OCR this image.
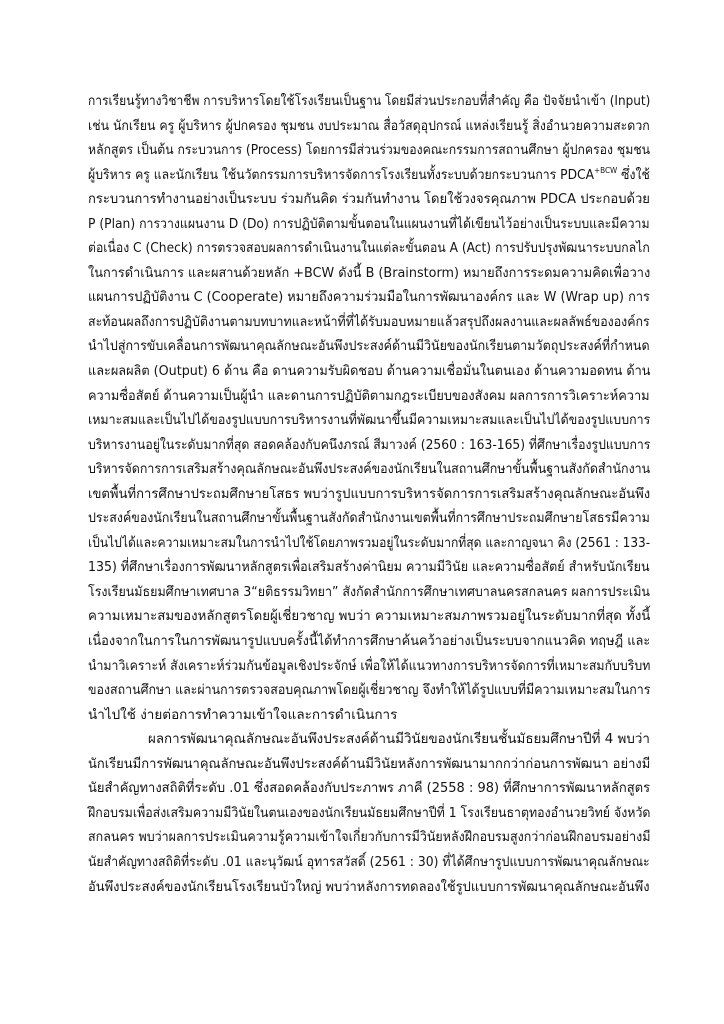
การเรียนรู้ทางวิชาชีพ การบริหารโดยใช้โรงเรียนเป็นฐาน โดยมีส่วนประกอบที่สำคัญ คือ ปัจจัยนำเข้า (Input)
เช่น นักเรียน ครู ผู้บริหาร ผู้ปกครอง ชุมชน งบประมาณ สื่อวัสดุอุปกรณ์ แหล่งเรียนรู้ สิ่งอำนวยความสะดวก
หลักสูตร เป็นต้น กระบวนการ (Process) โดยการมีส่วนร่วมของคณะกรรมการสถานศึกษา ผู้ปกครอง ชุมชน
ผู้บริหาร ครู และนักเรียน ใช้นวัตกรรมการบริหารจัดการโรงเรียนทั้งระบบด้วยกระบวนการ $PDCA^{+BCW}$ ซึ่งใช้
กระบวนการทำงานอย่างเป็นระบบ ร่วมกันคิด ร่วมกันทำงาน โดยใช้วงจรคุณภาพ PDCA ประกอบด้วย
P (Plan) การวางแผนงาน D (Do) การปฏิบัติตามขั้นตอนในแผนงานที่ได้เขียนไว้อย่างเป็นระบบและมีความ
ต่อเนื่อง C (Check) การตรวจสอบผลการดำเนินงานในแต่ละขั้นตอน A (Act) การปรับปรุงพัฒนาระบบกลไก
ในการดำเนินการ และผสานด้วยหลัก +BCW ดังนี้ B (Brainstorm) หมายถึงการระดมความคิดเพื่อวาง
แผนการปฏิบัติงาน C (Cooperate) หมายถึงความร่วมมือในการพัฒนาองค์กร และ W (Wrap up) การ
สะท้อนผลถึงการปฏิบัติงานตามบทบาทและหน้าที่ที่ได้รับมอบหมายแล้วสรุปถึงผลงานและผลลัพธ์ขององค์กร
นำไปสู่การขับเคลื่อนการพัฒนาคุณลักษณะอันพึงประสงค์ด้านมีวินัยของนักเรียนตามวัตถุประสงค์ที่กำหนด
และผลผลิต (Output) 6 ด้าน คือ ดานความรับผิดชอบ ด้านความเชื่อมั่นในตนเอง ด้านความอดทน ด้าน
ความซื่อสัตย์ ด้านความเป็นผู้นำ และดานการปฏิบัติตามกฎระเบียบของสังคม ผลการการวิเคราะห์ความ
เหมาะสมและเป็นไปได้ของรูปแบบการบริหารงานที่พัฒนาขึ้นมีความเหมาะสมและเป็นไปได้ของรูปแบบการ
บริหารงานอยู่ในระดับมากที่สุด สอดคล้องกับคนึงภรณ์ สีมาวงค์ (2560 : 163-165) ที่ศึกษาเรื่องรูปแบบการ
บริหารจัดการการเสริมสร้างคุณลักษณะอันพึงประสงค์ของนักเรียนในสถานศึกษาขั้นพื้นฐานสังกัดสำนักงาน
เขตพื้นที่การศึกษาประถมศึกษายโสธร พบว่ารูปแบบการบริหารจัดการการเสริมสร้างคุณลักษณะอันพึง
ประสงค์ของนักเรียนในสถานศึกษาขั้นพื้นฐานสังกัดสำนักงานเขตพื้นที่การศึกษาประถมศึกษายโสธรมีความ
เป็นไปได้และความเหมาะสมในการนำไปใช้โดยภาพรวมอยู่ในระดับมากที่สุด และกาญจนา คิง (2561 : 133-
135) ที่ศึกษาเรื่องการพัฒนาหลักสูตรเพื่อเสริมสร้างค่านิยม ความมีวินัย และความซื่อสัตย์ สำหรับนักเรียน
โรงเรียนมัธยมศึกษาเทศบาล 3“ยติธรรมวิทยา” สังกัดสำนักการศึกษาเทศบาลนครสกลนคร ผลการประเมิน
ความเหมาะสมของหลักสูตรโดยผู้เชี่ยวชาญ พบว่า ความเหมาะสมภาพรวมอยู่ในระดับมากที่สุด ทั้งนี้
เนื่องจากในการในการพัฒนารูปแบบครั้งนี้ได้ทำการศึกษาค้นคว้าอย่างเป็นระบบจากแนวคิด ทฤษฎี และ
นำมาวิเคราะห์ สังเคราะห์ร่วมกันข้อมูลเชิงประจักษ์ เพื่อให้ได้แนวทางการบริหารจัดการที่เหมาะสมกับบริบท
ของสถานศึกษา และผ่านการตรวจสอบคุณภาพโดยผู้เชี่ยวชาญ จึงทำให้ได้รูปแบบที่มีความเหมาะสมในการ
นำไปใช้ ง่ายต่อการทำความเข้าใจและการดำเนินการ
ผลการพัฒนาคุณลักษณะอันพึงประสงค์ด้านมีวินัยของนักเรียนชั้นมัธยมศึกษาปีที่ 4 พบว่า
นักเรียนมีการพัฒนาคุณลักษณะอันพึงประสงค์ด้านมีวินัยหลังการพัฒนามากกว่าก่อนการพัฒนา อย่างมี
นัยสำคัญทางสถิติที่ระดับ .01 ซึ่งสอดคล้องกับประภาพร ภาคี (2558 : 98) ที่ศึกษาการพัฒนาหลักสูตร
ฝึกอบรมเพื่อส่งเสริมความมีวินัยในตนเองของนักเรียนมัธยมศึกษาปีที่ 1 โรงเรียนธาตุทองอำนวยวิทย์ จังหวัด
สกลนคร พบว่าผลการประเมินความรู้ความเข้าใจเกี่ยวกับการมีวินัยหลังฝึกอบรมสูงกว่าก่อนฝึกอบรมอย่างมี
นัยสำคัญทางสถิติที่ระดับ .01 และนุวัฒน์ อุทารสวัสดิ์ (2561 : 30) ที่ได้ศึกษารูปแบบการพัฒนาคุณลักษณะ
อันพึงประสงค์ของนักเรียนโรงเรียนบัวใหญ่ พบว่าหลังการทดลองใช้รูปแบบการพัฒนาคุณลักษณะอันพึง
